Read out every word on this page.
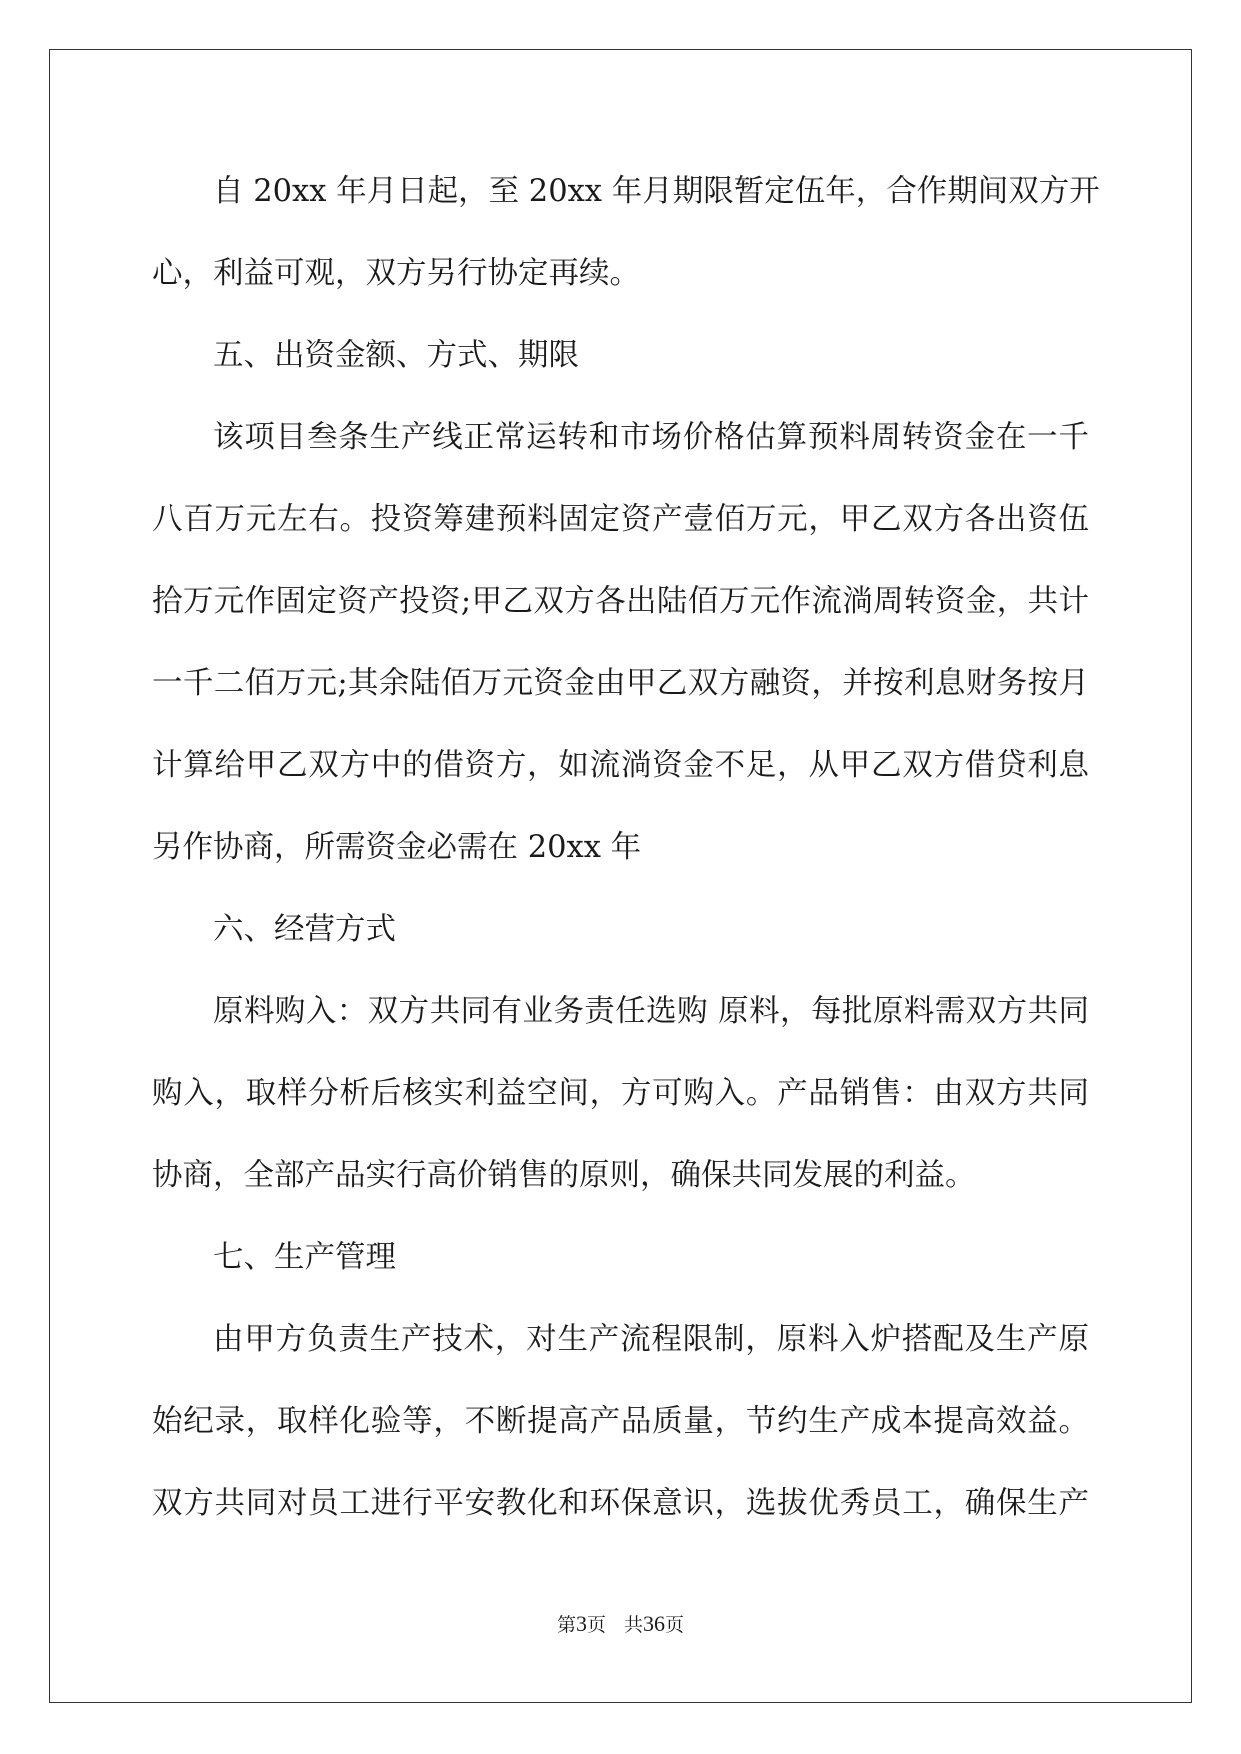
自 20xx 年月日起，至 20xx 年月期限暂定伍年，合作期间双方开
心，利益可观，双方另行协定再续。
五、出资金额、方式、期限
该项目叁条生产线正常运转和市场价格估算预料周转资金在一千
八百万元左右。投资筹建预料固定资产壹佰万元，甲乙双方各出资伍
拾万元作固定资产投资;甲乙双方各出陆佰万元作流淌周转资金，共计
一千二佰万元;其余陆佰万元资金由甲乙双方融资，并按利息财务按月
计算给甲乙双方中的借资方，如流淌资金不足，从甲乙双方借贷利息
另作协商，所需资金必需在 20xx 年
六、经营方式
原料购入：双方共同有业务责任选购 原料，每批原料需双方共同
购入，取样分析后核实利益空间，方可购入。产品销售：由双方共同
协商，全部产品实行高价销售的原则，确保共同发展的利益。
七、生产管理
由甲方负责生产技术，对生产流程限制，原料入炉搭配及生产原
始纪录，取样化验等，不断提高产品质量，节约生产成本提高效益。
双方共同对员工进行平安教化和环保意识，选拔优秀员工，确保生产
第3页 共36页
